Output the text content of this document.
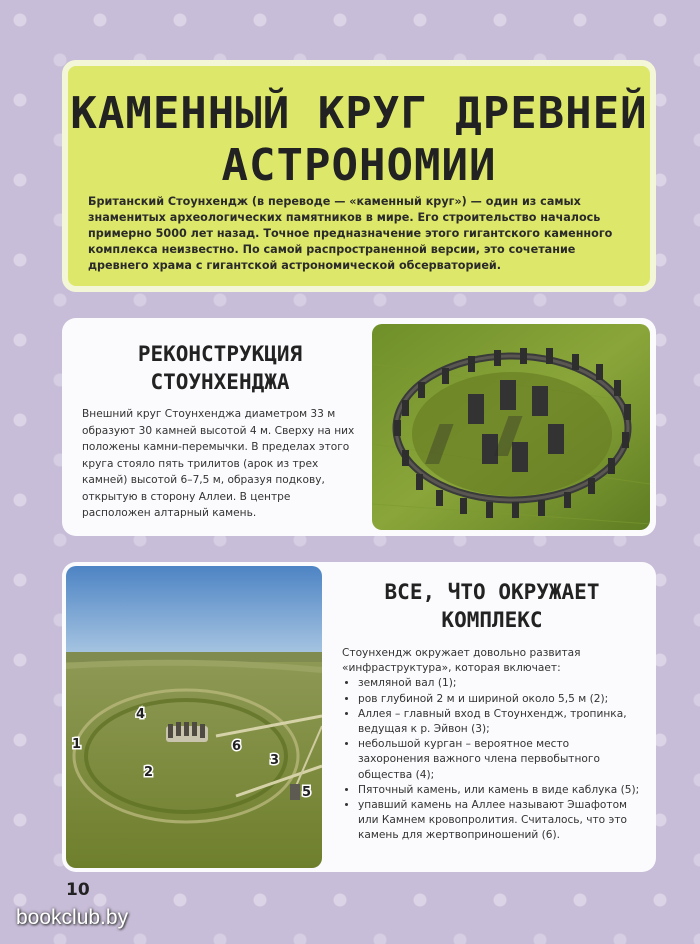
КАМЕННЫЙ КРУГ ДРЕВНЕЙ
АСТРОНОМИИ
Британский Стоунхендж (в переводе — «каменный круг») — один из самых знаменитых археологических памятников в мире. Его строительство началось примерно 5000 лет назад. Точное предназначение этого гигантского каменного комплекса неизвестно. По самой распространенной версии, это сочетание древнего храма с гигантской астрономической обсерваторией.
РЕКОНСТРУКЦИЯ
СТОУНХЕНДЖА
Внешний круг Стоунхенджа диаметром 33 м образуют 30 камней высотой 4 м. Сверху на них положены камни-перемычки. В пределах этого круга стояло пять трилитов (арок из трех камней) высотой 6–7,5 м, образуя подкову, открытую в сторону Аллеи. В центре расположен алтарный камень.
1
2
3
4
5
6
ВСЕ, ЧТО ОКРУЖАЕТ
КОМПЛЕКС
Стоунхендж окружает довольно развитая «инфраструктура», которая включает:
• земляной вал (1);
• ров глубиной 2 м и шириной около 5,5 м (2);
• Аллея – главный вход в Стоунхендж, тропинка, ведущая к р. Эйвон (3);
• небольшой курган – вероятное место захоронения важного члена первобытного общества (4);
• Пяточный камень, или камень в виде каблука (5);
• упавший камень на Аллее называют Эшафотом или Камнем кровопролития. Считалось, что это камень для жертвоприношений (6).
10
bookclub.by
